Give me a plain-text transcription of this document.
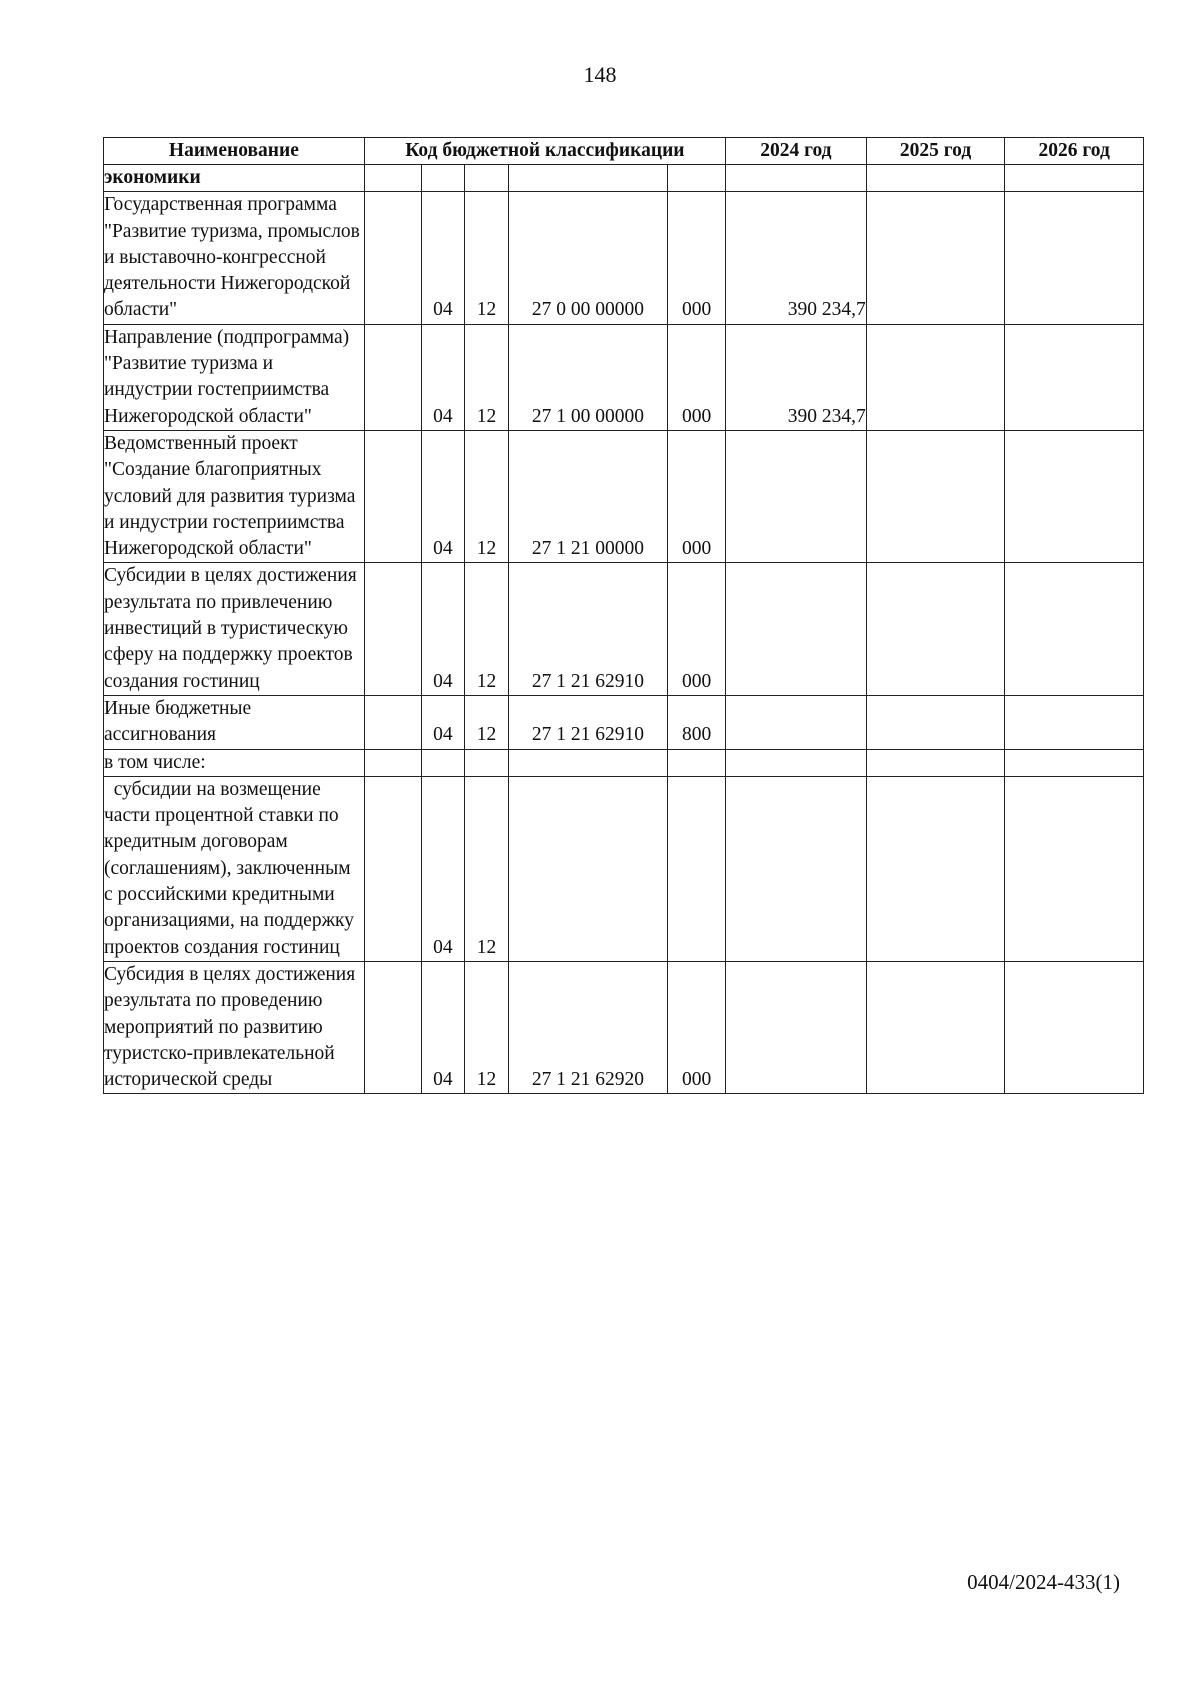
148
Наименование	Код бюджетной классификации					2024 год	2025 год	2026 год
экономики								
Государственная программа "Развитие туризма, промыслов и выставочно-конгрессной деятельности Нижегородской области"		04	12	27 0 00 00000	000	390 234,7		
Направление (подпрограмма) "Развитие туризма и индустрии гостеприимства Нижегородской области"		04	12	27 1 00 00000	000	390 234,7		
Ведомственный проект "Создание благоприятных условий для развития туризма и индустрии гостеприимства Нижегородской области"		04	12	27 1 21 00000	000			
Субсидии в целях достижения результата по привлечению инвестиций в туристическую сферу на поддержку проектов создания гостиниц		04	12	27 1 21 62910	000			
Иные бюджетные ассигнования		04	12	27 1 21 62910	800			
в том числе:								
субсидии на возмещение части процентной ставки по кредитным договорам (соглашениям), заключенным с российскими кредитными организациями, на поддержку проектов создания гостиниц		04	12					
Субсидия в целях достижения результата по проведению мероприятий по развитию туристско-привлекательной исторической среды		04	12	27 1 21 62920	000			
0404/2024-433(1)
